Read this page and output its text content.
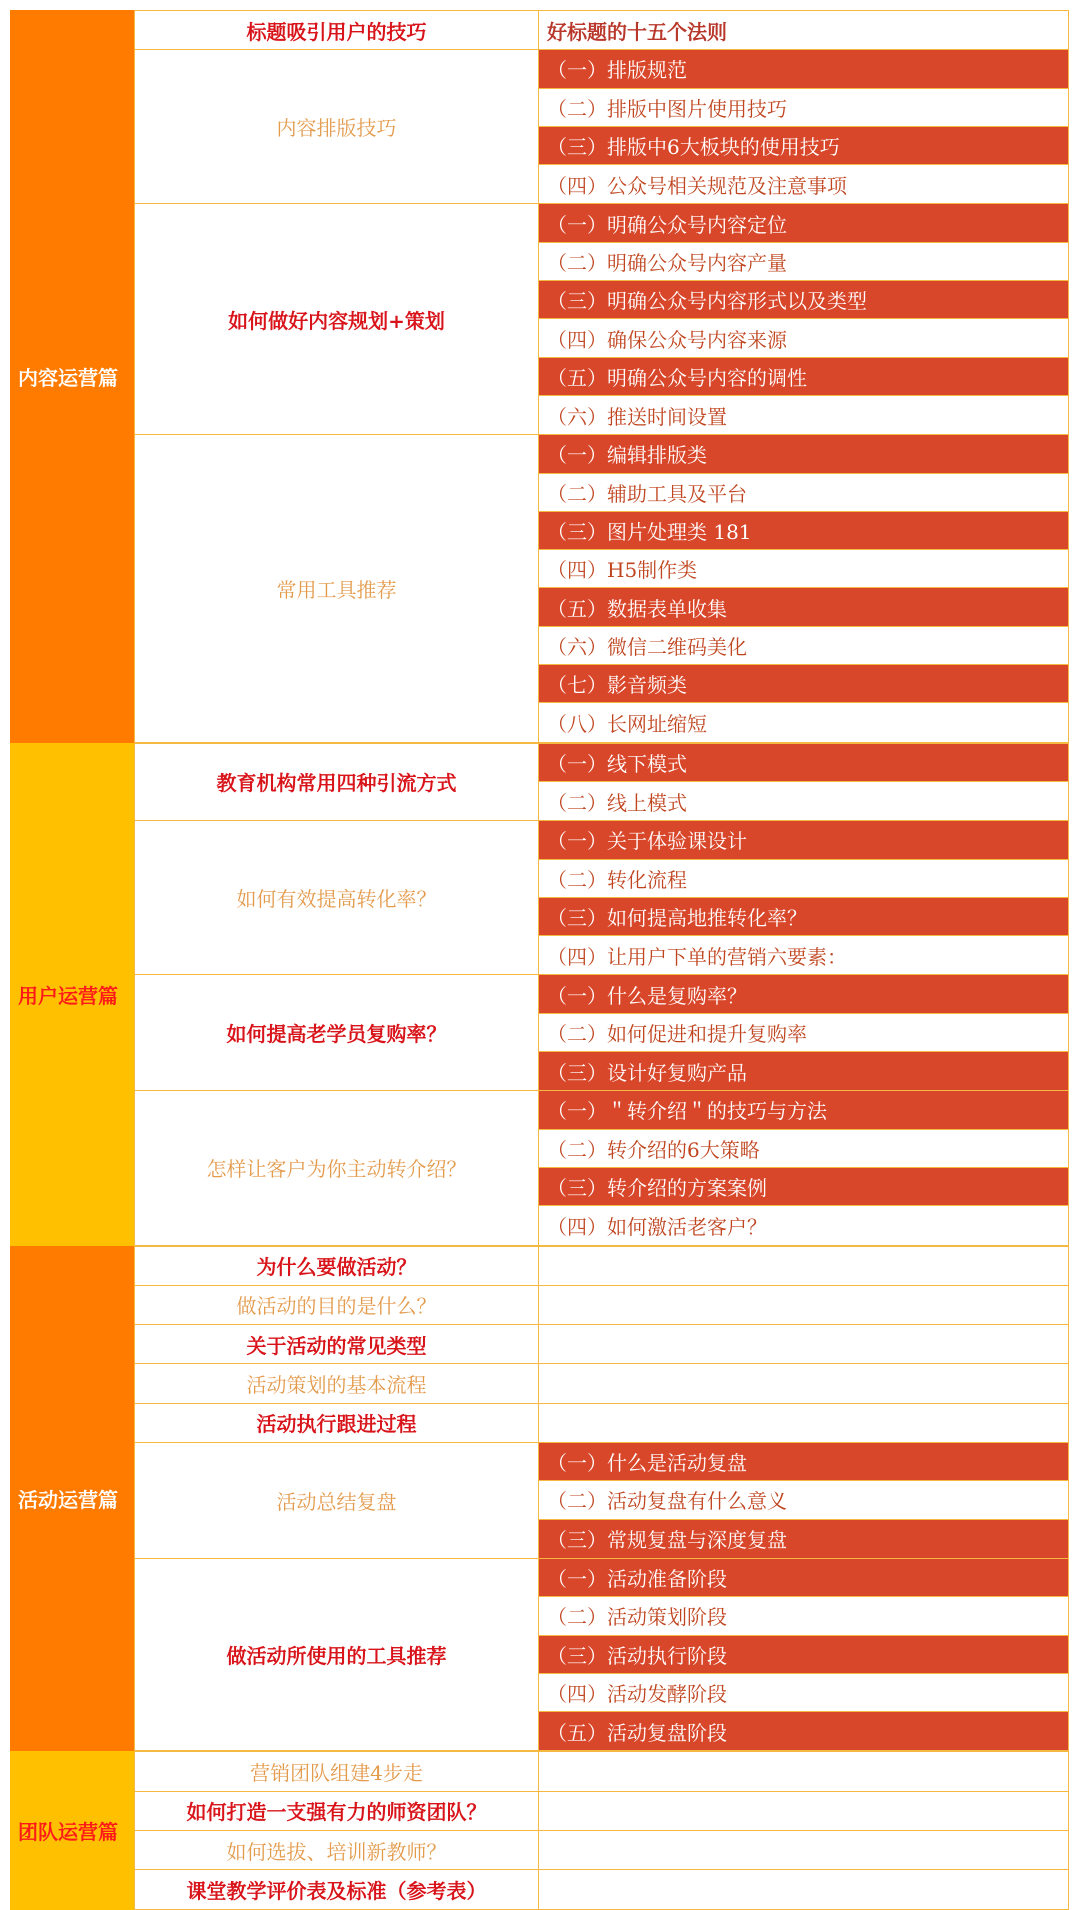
内容运营篇
标题吸引用户的技巧	好标题的十五个法则
内容排版技巧
（一）排版规范
（二）排版中图片使用技巧
（三）排版中6大板块的使用技巧
（四）公众号相关规范及注意事项
如何做好内容规划+策划
（一）明确公众号内容定位
（二）明确公众号内容产量
（三）明确公众号内容形式以及类型
（四）确保公众号内容来源
（五）明确公众号内容的调性
（六）推送时间设置
常用工具推荐
（一）编辑排版类
（二）辅助工具及平台
（三）图片处理类 181
（四）H5制作类
（五）数据表单收集
（六）微信二维码美化
（七）影音频类
（八）长网址缩短
用户运营篇
教育机构常用四种引流方式
（一）线下模式
（二）线上模式
如何有效提高转化率？
（一）关于体验课设计
（二）转化流程
（三）如何提高地推转化率？
（四）让用户下单的营销六要素：
如何提高老学员复购率？
（一）什么是复购率？
（二）如何促进和提升复购率
（三）设计好复购产品
怎样让客户为你主动转介绍？
（一）＂转介绍＂的技巧与方法
（二）转介绍的6大策略
（三）转介绍的方案案例
（四）如何激活老客户？
活动运营篇
为什么要做活动？
做活动的目的是什么？
关于活动的常见类型
活动策划的基本流程
活动执行跟进过程
活动总结复盘
（一）什么是活动复盘
（二）活动复盘有什么意义
（三）常规复盘与深度复盘
做活动所使用的工具推荐
（一）活动准备阶段
（二）活动策划阶段
（三）活动执行阶段
（四）活动发酵阶段
（五）活动复盘阶段
团队运营篇
营销团队组建4步走
如何打造一支强有力的师资团队？
如何选拔、培训新教师？
课堂教学评价表及标准（参考表）
